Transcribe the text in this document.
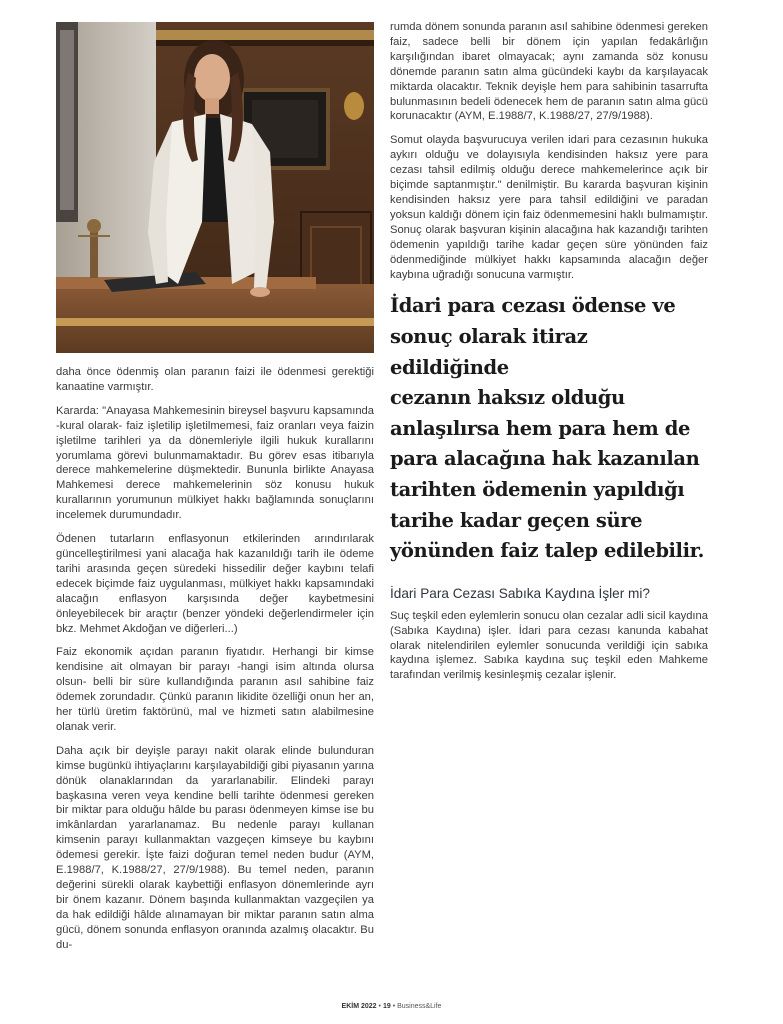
daha önce ödenmiş olan paranın faizi ile ödenmesi gerektiği kanaatine varmıştır.

Kararda: "Anayasa Mahkemesinin bireysel başvuru kapsamında -kural olarak- faiz işletilip işletilmemesi, faiz oranları veya faizin işletilme tarihleri ya da dönemleriyle ilgili hukuk kurallarını yorumlama görevi bulunmamaktadır. Bu görev esas itibarıyla derece mahkemelerine düşmektedir. Bununla birlikte Anayasa Mahkemesi derece mahkemelerinin söz konusu hukuk kurallarının yorumunun mülkiyet hakkı bağlamında sonuçlarını incelemek durumundadır.

Ödenen tutarların enflasyonun etkilerinden arındırılarak güncelleştirilmesi yani alacağa hak kazanıldığı tarih ile ödeme tarihi arasında geçen süredeki hissedilir değer kaybını telafi edecek biçimde faiz uygulanması, mülkiyet hakkı kapsamındaki alacağın enflasyon karşısında değer kaybetmesini önleyebilecek bir araçtır (benzer yöndeki değerlendirmeler için bkz. Mehmet Akdoğan ve diğerleri...)

Faiz ekonomik açıdan paranın fiyatıdır. Herhangi bir kimse kendisine ait olmayan bir parayı -hangi isim altında olursa olsun- belli bir süre kullandığında paranın asıl sahibine faiz ödemek zorundadır. Çünkü paranın likidite özelliği onun her an, her türlü üretim faktörünü, mal ve hizmeti satın alabilmesine olanak verir.

Daha açık bir deyişle parayı nakit olarak elinde bulunduran kimse bugünkü ihtiyaçlarını karşılayabildiği gibi piyasanın yarına dönük olanaklarından da yararlanabilir. Elindeki parayı başkasına veren veya kendine belli tarihte ödenmesi gereken bir miktar para olduğu hâlde bu parası ödenmeyen kimse ise bu imkânlardan yararlanamaz. Bu nedenle parayı kullanan kimsenin parayı kullanmaktan vazgeçen kimseye bu kaybını ödemesi gerekir. İşte faizi doğuran temel neden budur (AYM, E.1988/7, K.1988/27, 27/9/1988). Bu temel neden, paranın değerini sürekli olarak kaybettiği enflasyon dönemlerinde ayrı bir önem kazanır. Dönem başında kullanmaktan vazgeçilen ya da hak edildiği hâlde alınamayan bir miktar paranın satın alma gücü, dönem sonunda enflasyon oranında azalmış olacaktır. Bu du-

rumda dönem sonunda paranın asıl sahibine ödenmesi gereken faiz, sadece belli bir dönem için yapılan fedakârlığın karşılığından ibaret olmayacak; aynı zamanda söz konusu dönemde paranın satın alma gücündeki kaybı da karşılayacak miktarda olacaktır. Teknik deyişle hem para sahibinin tasarrufta bulunmasının bedeli ödenecek hem de paranın satın alma gücü korunacaktır (AYM, E.1988/7, K.1988/27, 27/9/1988).

Somut olayda başvurucuya verilen idari para cezasının hukuka aykırı olduğu ve dolayısıyla kendisinden haksız yere para cezası tahsil edilmiş olduğu derece mahkemelerince açık bir biçimde saptanmıştır." denilmiştir. Bu kararda başvuran kişinin kendisinden haksız yere para tahsil edildiğini ve paradan yoksun kaldığı dönem için faiz ödenmemesini haklı bulmamıştır. Sonuç olarak başvuran kişinin alacağına hak kazandığı tarihten ödemenin yapıldığı tarihe kadar geçen süre yönünden faiz ödenmediğinde mülkiyet hakkı kapsamında alacağın değer kaybına uğradığı sonucuna varmıştır.

İdari para cezası ödense ve
sonuç olarak itiraz edildiğinde
cezanın haksız olduğu
anlaşılırsa hem para hem de
para alacağına hak kazanılan
tarihten ödemenin yapıldığı
tarihe kadar geçen süre
yönünden faiz talep edilebilir.
İdari Para Cezası Sabıka Kaydına İşler mi?

Suç teşkil eden eylemlerin sonucu olan cezalar adli sicil kaydına (Sabıka Kaydına) işler. İdari para cezası kanunda kabahat olarak nitelendirilen eylemler sonucunda verildiği için sabıka kaydına işlemez. Sabıka kaydına suç teşkil eden Mahkeme tarafından verilmiş kesinleşmiş cezalar işlenir.

EKİM 2022 • 19 • Business&Life
